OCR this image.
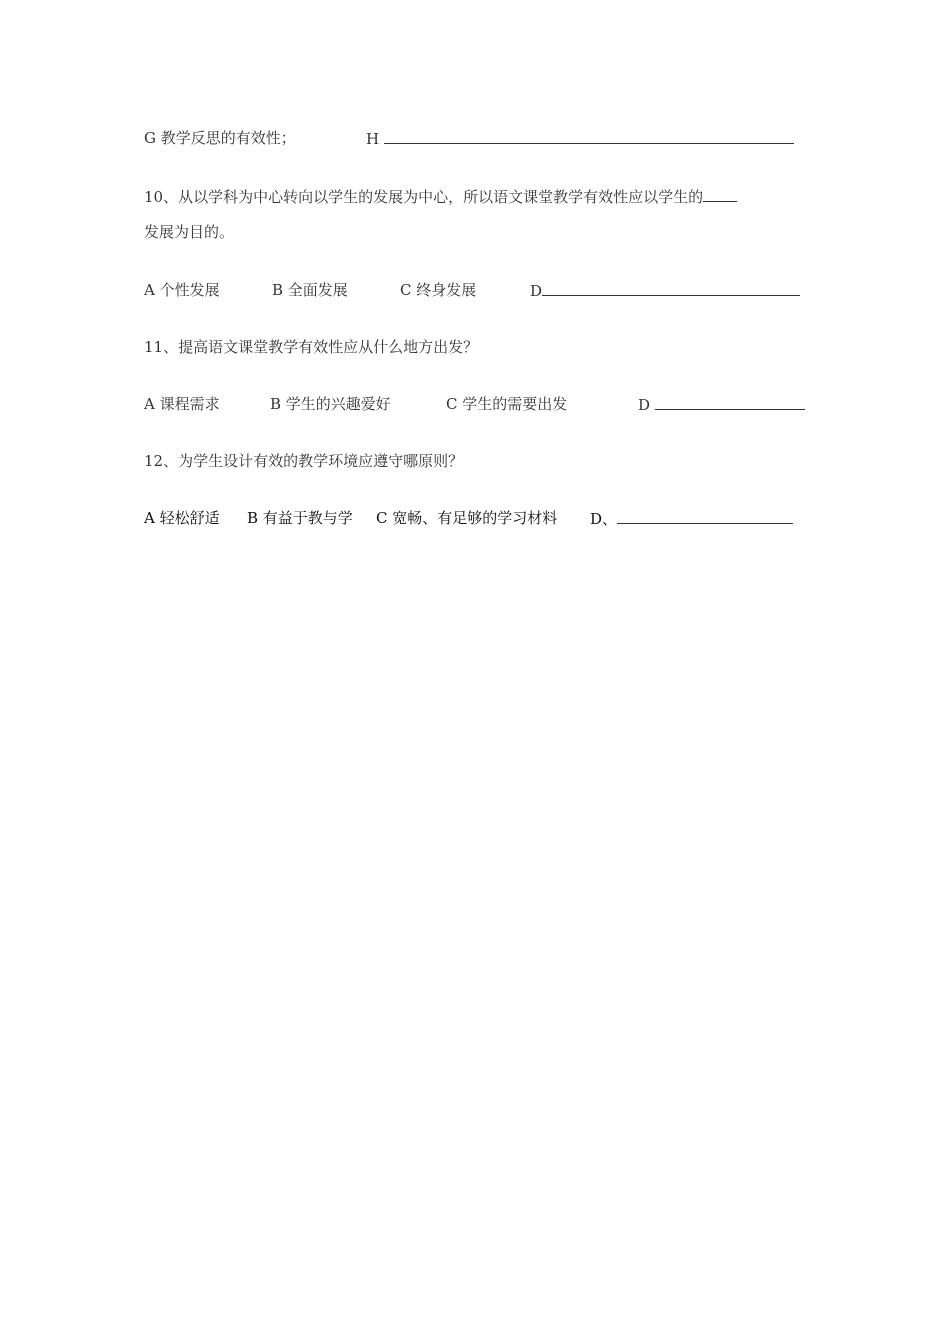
G 教学反思的有效性；	H
10、从以学科为中心转向以学生的发展为中心，所以语文课堂教学有效性应以学生的
发展为目的。
A 个性发展	B 全面发展	C 终身发展	D
11、提高语文课堂教学有效性应从什么地方出发？
A 课程需求	B 学生的兴趣爱好	C 学生的需要出发	D
12、为学生设计有效的教学环境应遵守哪原则？
A 轻松舒适 B 有益于教与学 C 宽畅、有足够的学习材料 D、
